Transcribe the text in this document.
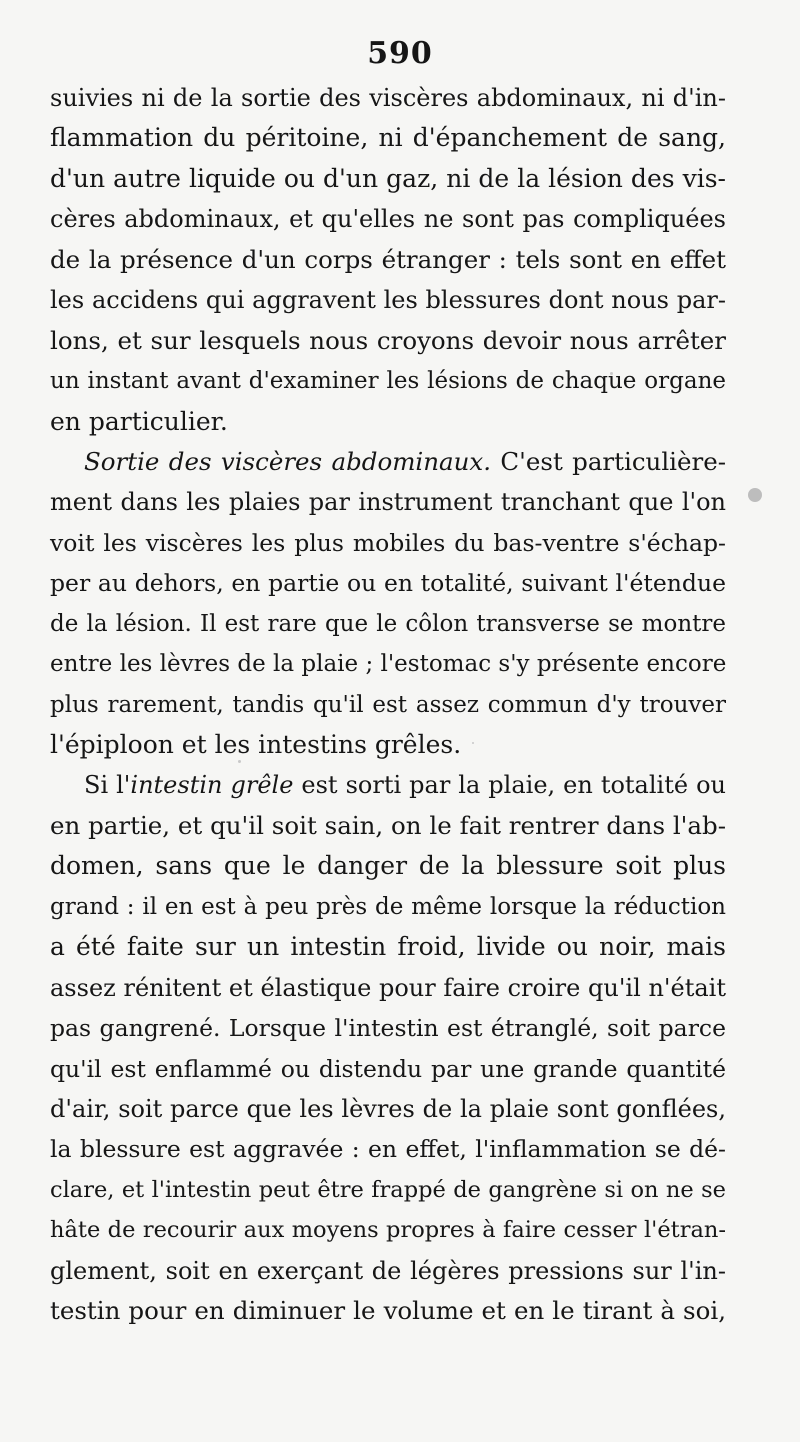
590
suivies ni de la sortie des viscères abdominaux, ni d'in-
flammation du péritoine, ni d'épanchement de sang,
d'un autre liquide ou d'un gaz, ni de la lésion des vis-
cères abdominaux, et qu'elles ne sont pas compliquées
de la présence d'un corps étranger : tels sont en effet
les accidens qui aggravent les blessures dont nous par-
lons, et sur lesquels nous croyons devoir nous arrêter
un instant avant d'examiner les lésions de chaque organe
en particulier.
Sortie des viscères abdominaux. C'est particulière-
ment dans les plaies par instrument tranchant que l'on
voit les viscères les plus mobiles du bas-ventre s'échap-
per au dehors, en partie ou en totalité, suivant l'étendue
de la lésion. Il est rare que le côlon transverse se montre
entre les lèvres de la plaie ; l'estomac s'y présente encore
plus rarement, tandis qu'il est assez commun d'y trouver
l'épiploon et les intestins grêles.
Si l'intestin grêle est sorti par la plaie, en totalité ou
en partie, et qu'il soit sain, on le fait rentrer dans l'ab-
domen, sans que le danger de la blessure soit plus
grand : il en est à peu près de même lorsque la réduction
a été faite sur un intestin froid, livide ou noir, mais
assez rénitent et élastique pour faire croire qu'il n'était
pas gangrené. Lorsque l'intestin est étranglé, soit parce
qu'il est enflammé ou distendu par une grande quantité
d'air, soit parce que les lèvres de la plaie sont gonflées,
la blessure est aggravée : en effet, l'inflammation se dé-
clare, et l'intestin peut être frappé de gangrène si on ne se
hâte de recourir aux moyens propres à faire cesser l'étran-
glement, soit en exerçant de légères pressions sur l'in-
testin pour en diminuer le volume et en le tirant à soi,
